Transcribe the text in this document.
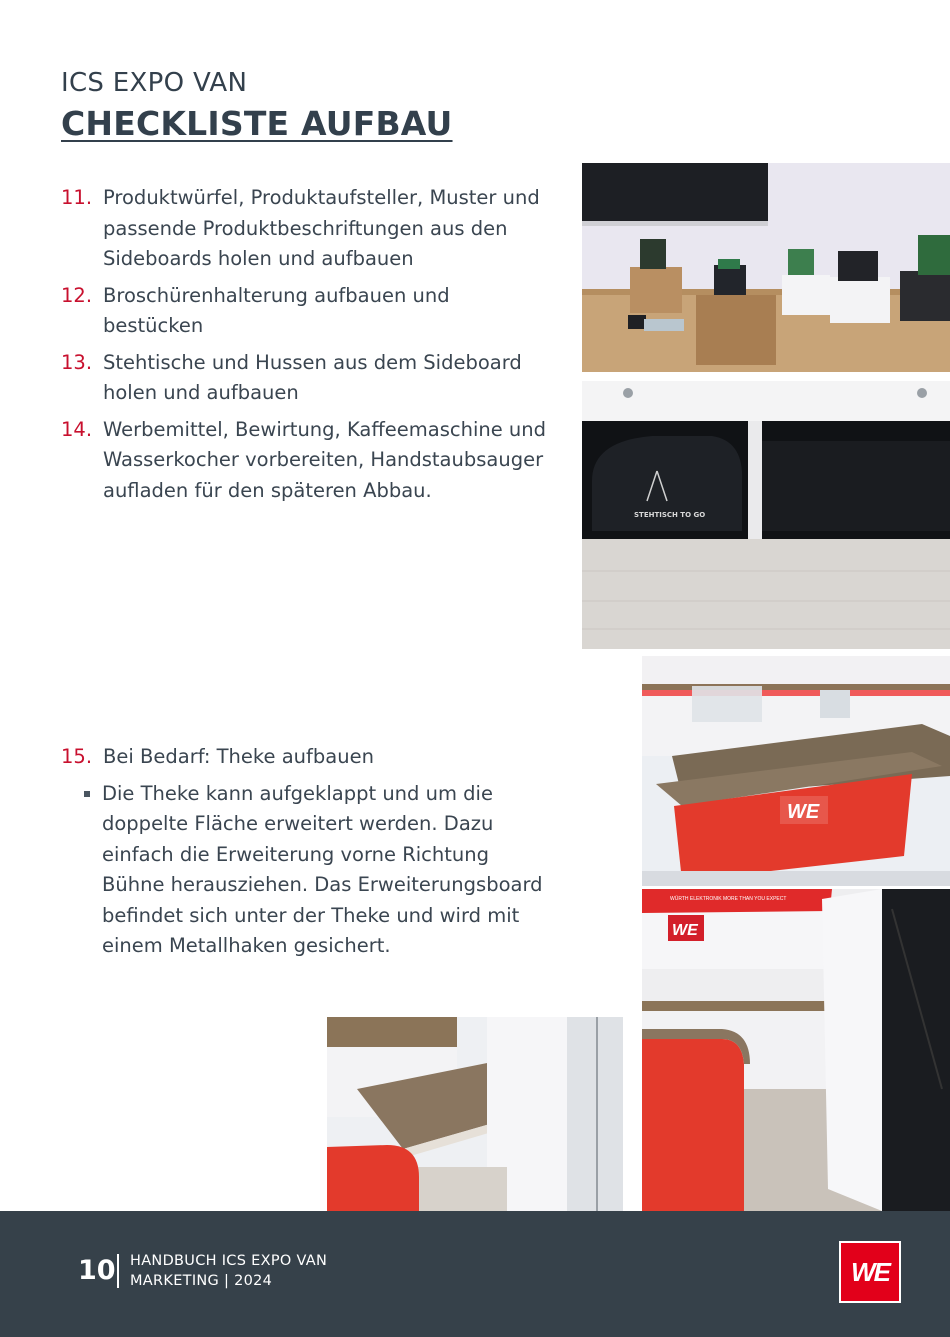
ICS EXPO VAN
CHECKLISTE AUFBAU
11. Produktwürfel, Produktaufsteller, Muster und passende Produktbeschriftungen aus den Sideboards holen und aufbauen
12. Broschürenhalterung aufbauen und bestücken
13. Stehtische und Hussen aus dem Sideboard holen und aufbauen
14. Werbemittel, Bewirtung, Kaffeemaschine und Wasserkocher vorbereiten, Handstaubsauger aufladen für den späteren Abbau.
15. Bei Bedarf: Theke aufbauen
Die Theke kann aufgeklappt und um die doppelte Fläche erweitert werden. Dazu einfach die Erweiterung vorne Richtung Bühne herausziehen. Das Erweiterungsboard befindet sich unter der Theke und wird mit einem Metallhaken gesichert.
STEHTISCH TO GO
WE
WÜRTH ELEKTRONIK MORE THAN YOU EXPECT
WE
10 HANDBUCH ICS EXPO VAN
MARKETING | 2024	WE
